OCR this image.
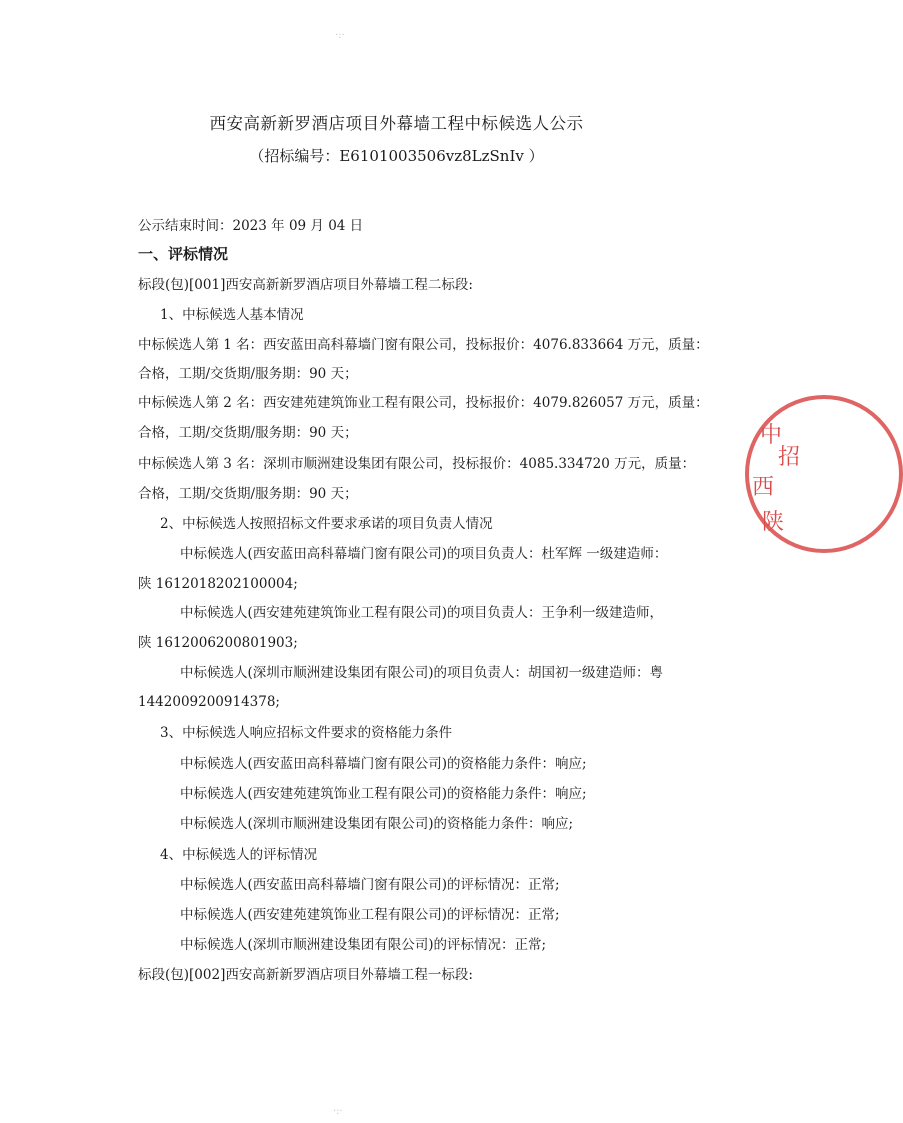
西安高新新罗酒店项目外幕墙工程中标候选人公示
（招标编号：E6101003506vz8LzSnIv ）
公示结束时间：2023 年 09 月 04 日
一、评标情况
标段(包)[001]西安高新新罗酒店项目外幕墙工程二标段:
1、中标候选人基本情况
中标候选人第 1 名：西安蓝田高科幕墙门窗有限公司，投标报价：4076.833664 万元，质量：
合格，工期/交货期/服务期：90 天；
中标候选人第 2 名：西安建苑建筑饰业工程有限公司，投标报价：4079.826057 万元，质量：
合格，工期/交货期/服务期：90 天；
中标候选人第 3 名：深圳市顺洲建设集团有限公司，投标报价：4085.334720 万元，质量：
合格，工期/交货期/服务期：90 天；
2、中标候选人按照招标文件要求承诺的项目负责人情况
中标候选人(西安蓝田高科幕墙门窗有限公司)的项目负责人：杜军辉 一级建造师：
陕 1612018202100004;
中标候选人(西安建苑建筑饰业工程有限公司)的项目负责人：王争利一级建造师，
陕 1612006200801903;
中标候选人(深圳市顺洲建设集团有限公司)的项目负责人：胡国初一级建造师：粤
1442009200914378;
3、中标候选人响应招标文件要求的资格能力条件
中标候选人(西安蓝田高科幕墙门窗有限公司)的资格能力条件：响应;
中标候选人(西安建苑建筑饰业工程有限公司)的资格能力条件：响应;
中标候选人(深圳市顺洲建设集团有限公司)的资格能力条件：响应;
4、中标候选人的评标情况
中标候选人(西安蓝田高科幕墙门窗有限公司)的评标情况：正常;
中标候选人(西安建苑建筑饰业工程有限公司)的评标情况：正常;
中标候选人(深圳市顺洲建设集团有限公司)的评标情况：正常;
标段(包)[002]西安高新新罗酒店项目外幕墙工程一标段:
中
招
西
陕
·:·
·:·
